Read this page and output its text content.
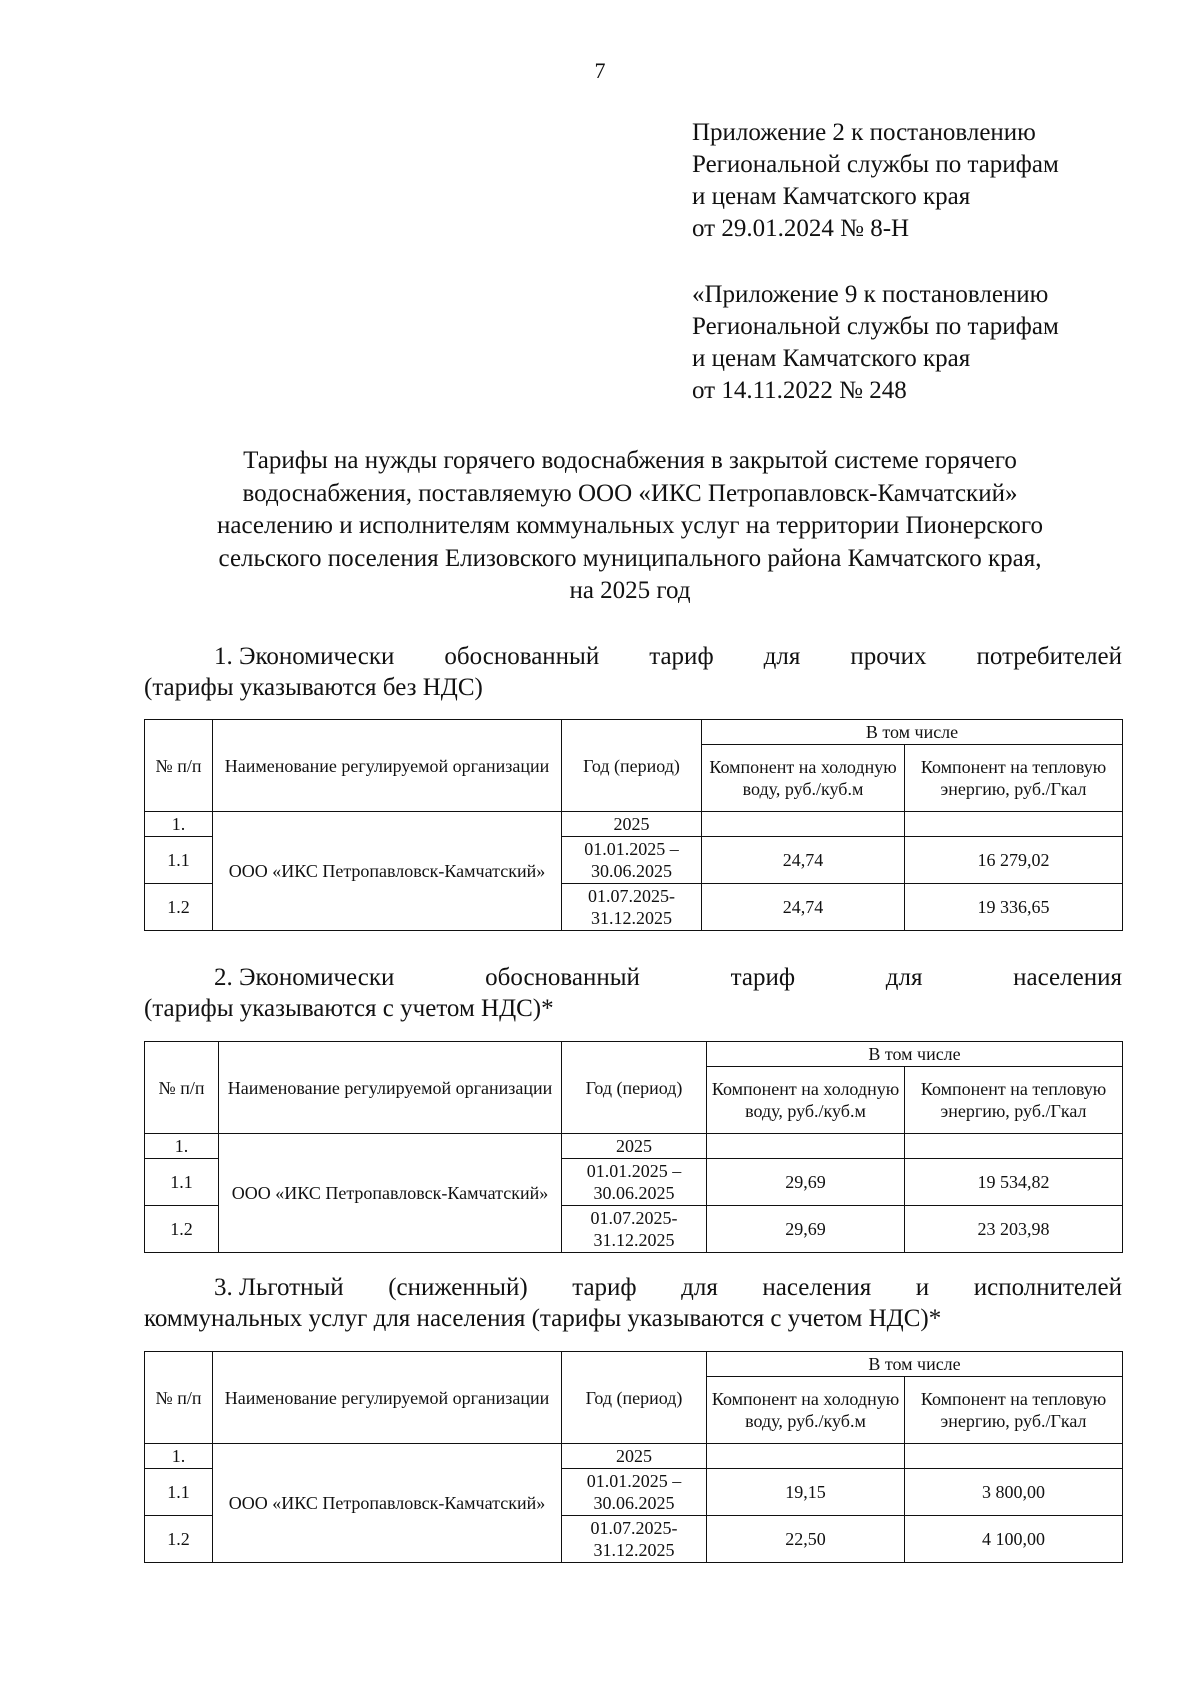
7
Приложение 2 к постановлению
Региональной службы по тарифам
и ценам Камчатского края
от 29.01.2024 № 8-Н
«Приложение 9 к постановлению
Региональной службы по тарифам
и ценам Камчатского края
от 14.11.2022 № 248
Тарифы на нужды горячего водоснабжения в закрытой системе горячего
водоснабжения, поставляемую ООО «ИКС Петропавловск-Камчатский»
населению и исполнителям коммунальных услуг на территории Пионерского
сельского поселения Елизовского муниципального района Камчатского края,
на 2025 год
1. Экономически обоснованный тариф для прочих потребителей
(тарифы указываются без НДС)
№ п/п	Наименование регулируемой организации	Год (период)	В том числе	
			Компонент на холодную воду, руб./куб.м	Компонент на тепловую энергию, руб./Гкал
1.	ООО «ИКС Петропавловск-Камчатский»	2025		
1.1		01.01.2025 – 30.06.2025	24,74	16 279,02
1.2		01.07.2025- 31.12.2025	24,74	19 336,65
2. Экономически	обоснованный	тариф	для	населения
(тарифы указываются с учетом НДС)*
№ п/п	Наименование регулируемой организации	Год (период)	В том числе	
			Компонент на холодную воду, руб./куб.м	Компонент на тепловую энергию, руб./Гкал
1.	ООО «ИКС Петропавловск-Камчатский»	2025		
1.1		01.01.2025 – 30.06.2025	29,69	19 534,82
1.2		01.07.2025- 31.12.2025	29,69	23 203,98
3. Льготный (сниженный) тариф для населения и исполнителей
коммунальных услуг для населения (тарифы указываются с учетом НДС)*
№ п/п	Наименование регулируемой организации	Год (период)	В том числе	
			Компонент на холодную воду, руб./куб.м	Компонент на тепловую энергию, руб./Гкал
1.	ООО «ИКС Петропавловск-Камчатский»	2025		
1.1		01.01.2025 – 30.06.2025	19,15	3 800,00
1.2		01.07.2025- 31.12.2025	22,50	4 100,00
